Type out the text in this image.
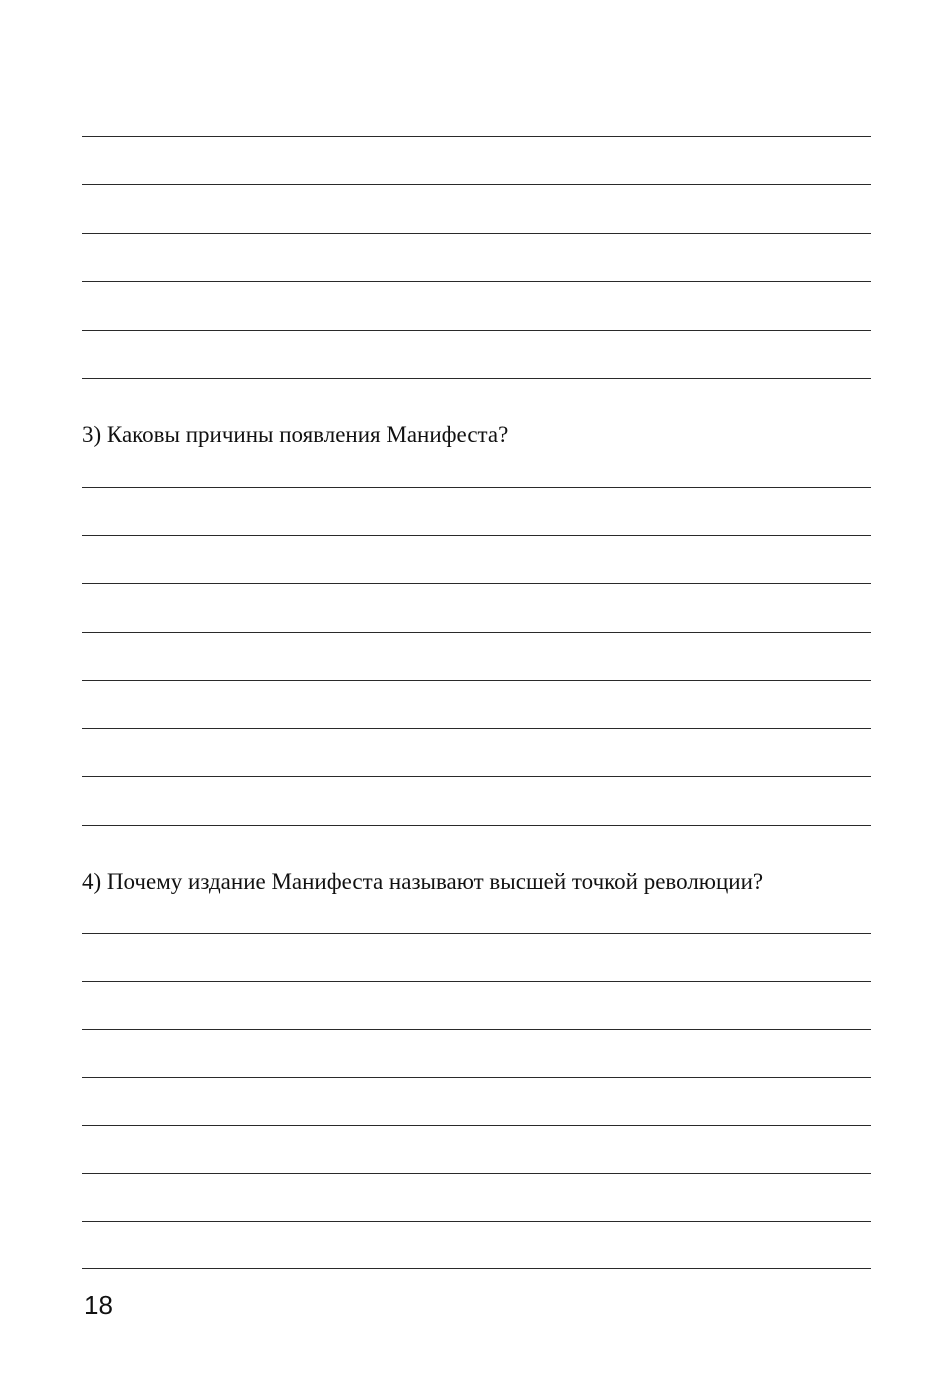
3) Каковы причины появления Манифеста?

4) Почему издание Манифеста называют высшей точкой революции?

18
